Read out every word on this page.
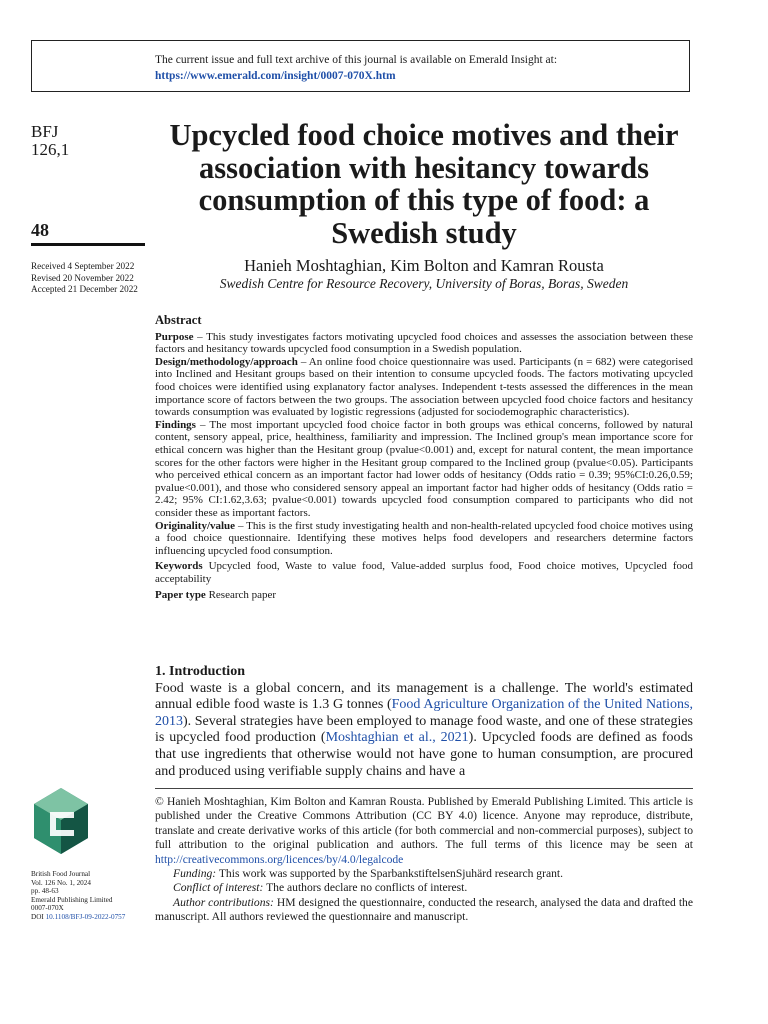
The current issue and full text archive of this journal is available on Emerald Insight at:
https://www.emerald.com/insight/0007-070X.htm
BFJ
126,1
48
Received 4 September 2022
Revised 20 November 2022
Accepted 21 December 2022
Upcycled food choice motives and their association with hesitancy towards consumption of this type of food: a Swedish study
Hanieh Moshtaghian, Kim Bolton and Kamran Rousta
Swedish Centre for Resource Recovery, University of Boras, Boras, Sweden
Abstract

Purpose – This study investigates factors motivating upcycled food choices and assesses the association between these factors and hesitancy towards upcycled food consumption in a Swedish population.

Design/methodology/approach – An online food choice questionnaire was used. Participants (n = 682) were categorised into Inclined and Hesitant groups based on their intention to consume upcycled foods. The factors motivating upcycled food choices were identified using explanatory factor analyses. Independent t-tests assessed the differences in the mean importance score of factors between the two groups. The association between upcycled food choice factors and hesitancy towards consumption was evaluated by logistic regressions (adjusted for sociodemographic characteristics).

Findings – The most important upcycled food choice factor in both groups was ethical concerns, followed by natural content, sensory appeal, price, healthiness, familiarity and impression. The Inclined group's mean importance score for ethical concern was higher than the Hesitant group (pvalue<0.001) and, except for natural content, the mean importance scores for the other factors were higher in the Hesitant group compared to the Inclined group (pvalue<0.05). Participants who perceived ethical concern as an important factor had lower odds of hesitancy (Odds ratio = 0.39; 95%CI:0.26,0.59; pvalue<0.001), and those who considered sensory appeal an important factor had higher odds of hesitancy (Odds ratio = 2.42; 95% CI:1.62,3.63; pvalue<0.001) towards upcycled food consumption compared to participants who did not consider these as important factors.

Originality/value – This is the first study investigating health and non-health-related upcycled food choice motives using a food choice questionnaire. Identifying these motives helps food developers and researchers determine factors influencing upcycled food consumption.

Keywords Upcycled food, Waste to value food, Value-added surplus food, Food choice motives, Upcycled food acceptability

Paper type Research paper

1. Introduction

Food waste is a global concern, and its management is a challenge. The world's estimated annual edible food waste is 1.3 G tonnes (Food Agriculture Organization of the United Nations, 2013). Several strategies have been employed to manage food waste, and one of these strategies is upcycled food production (Moshtaghian et al., 2021). Upcycled foods are defined as foods that use ingredients that otherwise would not have gone to human consumption, are procured and produced using verifiable supply chains and have a

© Hanieh Moshtaghian, Kim Bolton and Kamran Rousta. Published by Emerald Publishing Limited. This article is published under the Creative Commons Attribution (CC BY 4.0) licence. Anyone may reproduce, distribute, translate and create derivative works of this article (for both commercial and non-commercial purposes), subject to full attribution to the original publication and authors. The full terms of this licence may be seen at http://creativecommons.org/licences/by/4.0/legalcode

Funding: This work was supported by the SparbankstiftelsenSjuhärd research grant.

Conflict of interest: The authors declare no conflicts of interest.

Author contributions: HM designed the questionnaire, conducted the research, analysed the data and drafted the manuscript. All authors reviewed the questionnaire and manuscript.

British Food Journal
Vol. 126 No. 1, 2024
pp. 48-63
Emerald Publishing Limited
0007-070X
DOI 10.1108/BFJ-09-2022-0757
